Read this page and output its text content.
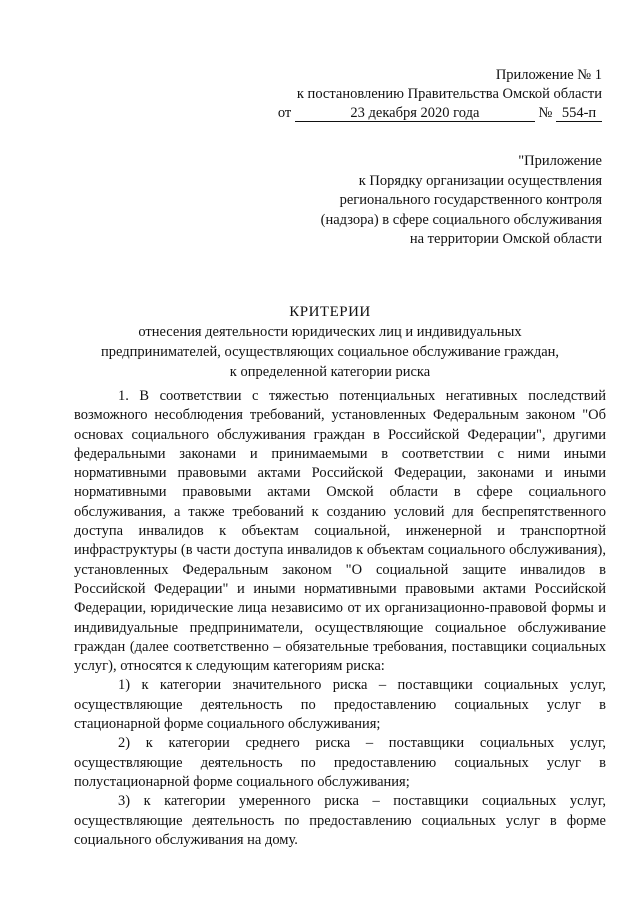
Приложение № 1
к постановлению Правительства Омской области
от	23 декабря 2020 года	№ 554-п
"Приложение
к Порядку организации осуществления
регионального государственного контроля
(надзора) в сфере социального обслуживания
на территории Омской области
КРИТЕРИИ
отнесения деятельности юридических лиц и индивидуальных
предпринимателей, осуществляющих социальное обслуживание граждан,
к определенной категории риска

1. В соответствии с тяжестью потенциальных негативных последствий возможного несоблюдения требований, установленных Федеральным законом "Об основах социального обслуживания граждан в Российской Федерации", другими федеральными законами и принимаемыми в соответствии с ними иными нормативными правовыми актами Российской Федерации, законами и иными нормативными правовыми актами Омской области в сфере социального обслуживания, а также требований к созданию условий для беспрепятственного доступа инвалидов к объектам социальной, инженерной и транспортной инфраструктуры (в части доступа инвалидов к объектам социального обслуживания), установленных Федеральным законом "О социальной защите инвалидов в Российской Федерации" и иными нормативными правовыми актами Российской Федерации, юридические лица независимо от их организационно-правовой формы и индивидуальные предприниматели, осуществляющие социальное обслуживание граждан (далее соответственно – обязательные требования, поставщики социальных услуг), относятся к следующим категориям риска:

1) к категории значительного риска – поставщики социальных услуг, осуществляющие деятельность по предоставлению социальных услуг в стационарной форме социального обслуживания;

2) к категории среднего риска – поставщики социальных услуг, осуществляющие деятельность по предоставлению социальных услуг в полустационарной форме социального обслуживания;

3) к категории умеренного риска – поставщики социальных услуг, осуществляющие деятельность по предоставлению социальных услуг в форме социального обслуживания на дому.
